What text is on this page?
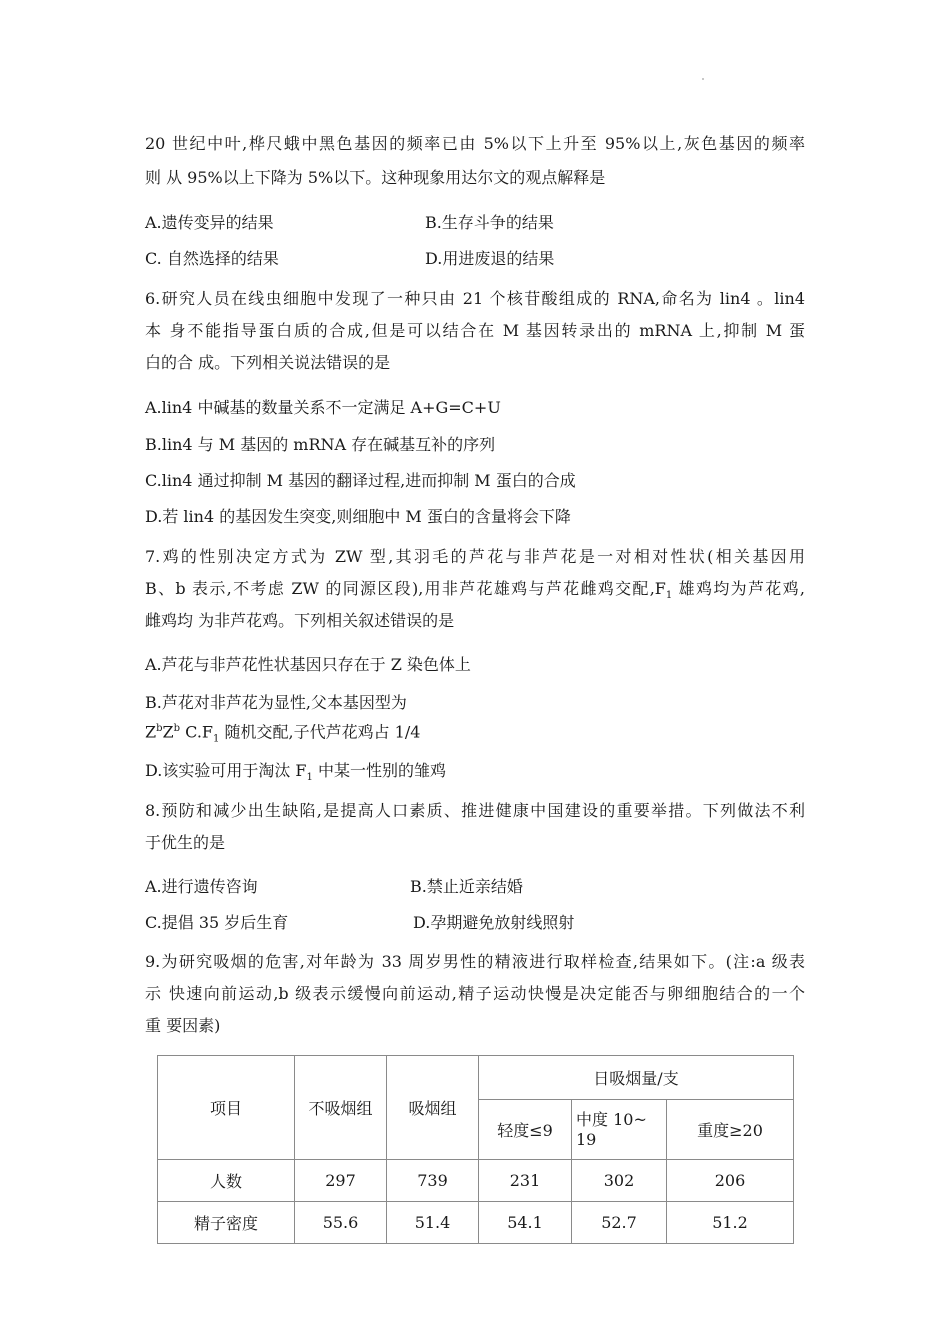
20 世纪中叶,桦尺蛾中黑色基因的频率已由 5%以下上升至 95%以上,灰色基因的频率
则 从 95%以上下降为 5%以下。这种现象用达尔文的观点解释是
A.遗传变异的结果	B.生存斗争的结果
C. 自然选择的结果	D.用进废退的结果
6.研究人员在线虫细胞中发现了一种只由 21 个核苷酸组成的 RNA,命名为 lin4 。lin4
本 身不能指导蛋白质的合成,但是可以结合在 M 基因转录出的 mRNA 上,抑制 M 蛋
白的合 成。下列相关说法错误的是
A.lin4 中碱基的数量关系不一定满足 A+G=C+U
B.lin4 与 M 基因的 mRNA 存在碱基互补的序列
C.lin4 通过抑制 M 基因的翻译过程,进而抑制 M 蛋白的合成
D.若 lin4 的基因发生突变,则细胞中 M 蛋白的含量将会下降
7.鸡的性别决定方式为 ZW 型,其羽毛的芦花与非芦花是一对相对性状(相关基因用
B、b 表示,不考虑 ZW 的同源区段),用非芦花雄鸡与芦花雌鸡交配$,F_1$ 雄鸡均为芦花鸡,
雌鸡均 为非芦花鸡。下列相关叙述错误的是
A.芦花与非芦花性状基因只存在于 Z 染色体上
B.芦花对非芦花为显性,父本基因型为
$Z^bZ^b$ $C.F_1$ 随机交配,子代芦花鸡占 1/4
D.该实验可用于淘汰 $F_1$ 中某一性别的雏鸡
8.预防和减少出生缺陷,是提高人口素质、推进健康中国建设的重要举措。下列做法不利
于优生的是
A.进行遗传咨询	B.禁止近亲结婚
C.提倡 35 岁后生育	D.孕期避免放射线照射
9.为研究吸烟的危害,对年龄为 33 周岁男性的精液进行取样检查,结果如下。(注:a 级表
示 快速向前运动,b 级表示缓慢向前运动,精子运动快慢是决定能否与卵细胞结合的一个
重 要因素)
项目	不吸烟组	吸烟组	日吸烟量/支		
			轻度≤9	中度 10~
19	重度≥20
人数	297	739	231	302	206
精子密度	55.6	51.4	54.1	52.7	51.2
